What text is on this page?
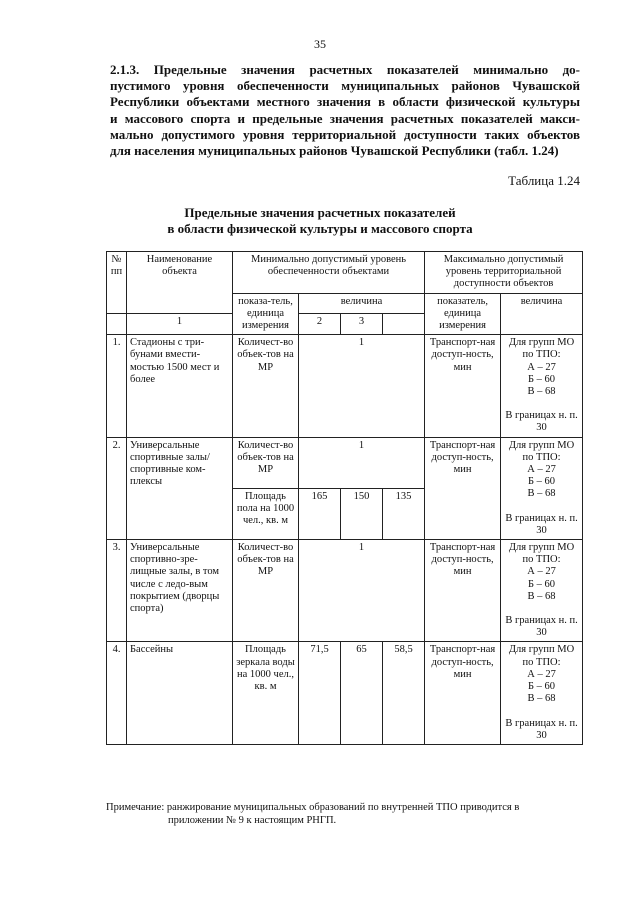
35
2.1.3. Предельные значения расчетных показателей минимально до-
пустимого уровня обеспеченности муниципальных районов Чувашской
Республики объектами местного значения в области физической культуры
и массового спорта и предельные значения расчетных показателей макси-
мально допустимого уровня территориальной доступности таких объектов
для населения муниципальных районов Чувашской Республики (табл. 1.24)
Таблица 1.24
Предельные значения расчетных показателей
в области физической культуры и массового спорта
№ пп	Наименование объекта	Минимально допустимый уровень обеспеченности объектами				Максимально допустимый уровень территориальной доступности объектов	
		показа-тель, единица измерения	величина			показатель, единица измерения	величина
	1		2	3			
1.	Стадионы с три-бунами вмести-мостью 1500 мест и более	Количест-во объек-тов на МР	1			Транспорт-ная доступ-ность, мин	Для групп МО по ТПО:
А – 27
Б – 60
В – 68
В границах н. п. 30

2.	Универсальные спортивные залы/ спортивные ком-плексы	Количест-во объек-тов на МР	1			Транспорт-ная доступ-ность, мин	Для групп МО по ТПО:
А – 27
Б – 60
В – 68
В границах н. п. 30

		Площадь пола на 1000 чел., кв. м	165	150	135		
3.	Универсальные спортивно-зре-лищные залы, в том числе с ледо-вым покрытием (дворцы спорта)	Количест-во объек-тов на МР	1			Транспорт-ная доступ-ность, мин	Для групп МО по ТПО:
А – 27
Б – 60
В – 68
В границах н. п. 30

4.	Бассейны	Площадь зеркала воды на 1000 чел., кв. м	71,5	65	58,5	Транспорт-ная доступ-ность, мин	Для групп МО по ТПО:
А – 27
Б – 60
В – 68
В границах н. п. 30
Примечание: ранжирование муниципальных образований по внутренней ТПО приводится в
приложении № 9 к настоящим РНГП.
